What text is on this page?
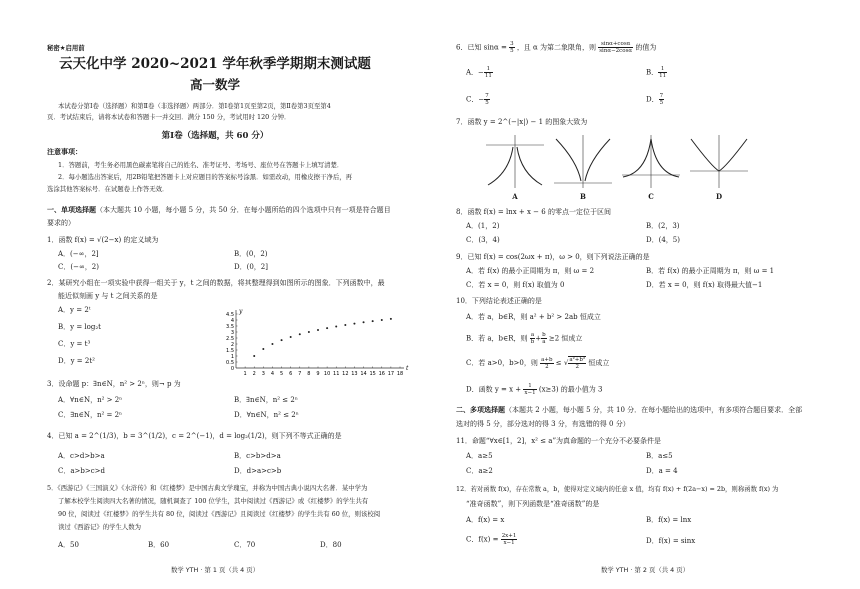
秘密★启用前
云天化中学 2020~2021 学年秋季学期期末测试题
高一数学
本试卷分第Ⅰ卷（选择题）和第Ⅱ卷（非选择题）两部分．第Ⅰ卷第1页至第2页，第Ⅱ卷第3页至第4
页．考试结束后，请将本试卷和答题卡一并交回．满分 150 分，考试用时 120 分钟．
第Ⅰ卷（选择题，共 60 分）
注意事项：
1．答题前，考生务必用黑色碳素笔将自己的姓名、准考证号、考场号、座位号在答题卡上填写清楚．
2．每小题选出答案后，用2B铅笔把答题卡上对应题目的答案标号涂黑．如需改动，用橡皮擦干净后，再
选涂其他答案标号．在试题卷上作答无效．
一、单项选择题（本大题共 10 小题，每小题 5 分，共 50 分．在每小题所给的四个选项中只有一项是符合题目
要求的）
1．函数 f(x) = √(2−x) 的定义域为
A．(−∞，2]	B．(0，2)
C．(−∞，2)	D．(0，2]
2．某研究小组在一项实验中获得一组关于 y，t 之间的数据，将其整理得到如图所示的图象．下列函数中，最
能近似刻画 y 与 t 之间关系的是
A．y = 2ᵗ
B．y = log₂t
C．y = t³
D．y = 2t²
t
y
1 2 3 4 5 6 7 8 9 10 11 12 13 14 15 16 17 18
0
0.5
1
1.5
2
2.5
3
3.5
4
4.5
3．设命题 p：∃n∈N，n² > 2ⁿ，则¬ p 为
A．∀n∈N，n² > 2ⁿ	B．∃n∈N，n² ≤ 2ⁿ
C．∃n∈N，n² = 2ⁿ	D．∀n∈N，n² ≤ 2ⁿ
4．已知 a = 2^(1/3)，b = 3^(1/2)，c = 2^(−1)，d = log₂(1/2)，则下列不等式正确的是
A．c>d>b>a	B．c>b>d>a
C．a>b>c>d	D．d>a>c>b
5．《西游记》《三国演义》《水浒传》和《红楼梦》是中国古典文学瑰宝，并称为中国古典小说四大名著．某中学为
了解本校学生阅读四大名著的情况，随机调查了 100 位学生，其中阅读过《西游记》或《红楼梦》的学生共有
90 位，阅读过《红楼梦》的学生共有 80 位，阅读过《西游记》且阅读过《红楼梦》的学生共有 60 位，则该校阅
读过《西游记》的学生人数为
A．50	B．60	C．70	D．80
数学 YTH · 第 1 页（共 4 页）
6．已知 $\sin\alpha = \frac{3}{5}$ ，且 α 为第二象限角，则 $\frac{\sin\alpha+\cos\alpha}{\sin\alpha-2\cos\alpha}$ 的值为
A．− $\frac{1}{11}$	B． $\frac{1}{11}$
C．− $\frac{7}{5}$	D． $\frac{7}{5}$
7．函数 y = 2^(−|x|) − 1 的图象大致为
A	B	C	D
8．函数 f(x) = lnx + x − 6 的零点一定位于区间
A．(1，2)	B．(2，3)
C．(3，4)	D．(4，5)
9．已知 f(x) = cos(2ωx + π)，ω > 0，则下列说法正确的是
A．若 f(x) 的最小正周期为 π，则 ω = 2	B．若 f(x) 的最小正周期为 π，则 ω = 1
C．若 x = 0，则 f(x) 取值为 0	D．若 x = 0，则 f(x) 取得最大值−1
10．下列结论表述正确的是
A．若 a，b∈R，则 a² + b² > 2ab 恒成立
B．若 a，b∈R，则 $\frac{a}{b} + \frac{b}{a} \ge 2$ 恒成立
C．若 a>0，b>0，则 $\frac{a+b}{2}$ ≤ √ $\frac{\text{a²+b²}}{2}$ 恒成立
D．函数 $y = x + \frac{1}{x-1} (x\ge 3)$ 的最小值为 3
二、多项选择题（本题共 2 小题，每小题 5 分，共 10 分．在每小题给出的选项中，有多项符合题目要求．全部
选对的得 5 分，部分选对的得 3 分，有选错的得 0 分）
11．命题“∀x∈[1，2]，x² ≤ a”为真命题的一个充分不必要条件是
A．a≥5	B．a≤5
C．a≥2	D．a = 4
12．若对函数 f(x)，存在常数 a，b，使得对定义域内的任意 x 值，均有 f(x) + f(2a−x) = 2b，则称函数 f(x) 为
“准奇函数”，则下列函数是“准奇函数”的是
A．f(x) = x	B．f(x) = lnx
C．$f(x) = \frac{2x+1}{x-1}$	D．f(x) = sinx
数学 YTH · 第 2 页（共 4 页）
